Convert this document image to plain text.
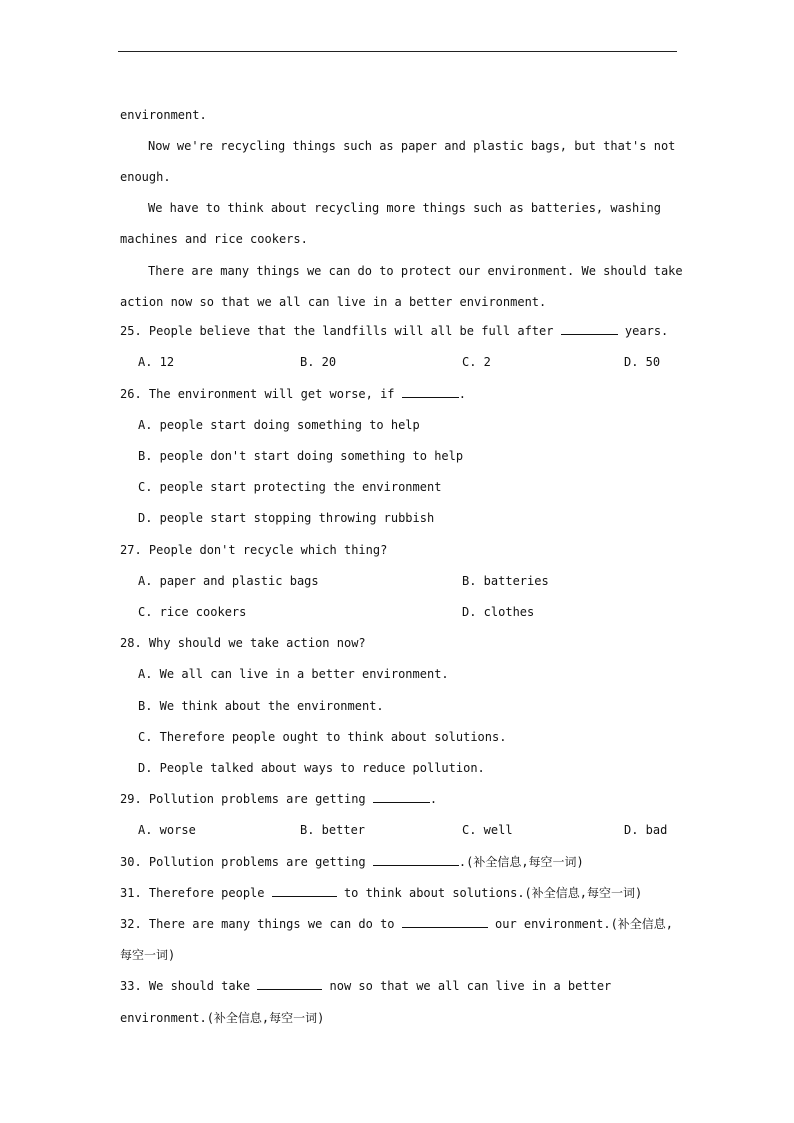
environment.
Now we're recycling things such as paper and plastic bags, but that's not
enough.
We have to think about recycling more things such as batteries, washing
machines and rice cookers.
There are many things we can do to protect our environment. We should take
action now so that we all can live in a better environment.
25. People believe that the landfills will all be full after	years.
A. 12	B. 20	C. 2	D. 50
26. The environment will get worse, if	.
A. people start doing something to help
B. people don't start doing something to help
C. people start protecting the environment
D. people start stopping throwing rubbish
27. People don't recycle which thing?
A. paper and plastic bags	B. batteries
C. rice cookers	D. clothes
28. Why should we take action now?
A. We all can live in a better environment.
B. We think about the environment.
C. Therefore people ought to think about solutions.
D. People talked about ways to reduce pollution.
29. Pollution problems are getting	.
A. worse	B. better	C. well	D. bad
30. Pollution problems are getting	.(补全信息,每空一词)
31. Therefore people	to think about solutions.(补全信息,每空一词)
32. There are many things we can do to	our environment.(补全信息,
每空一词)
33. We should take	now so that we all can live in a better
environment.(补全信息,每空一词)
